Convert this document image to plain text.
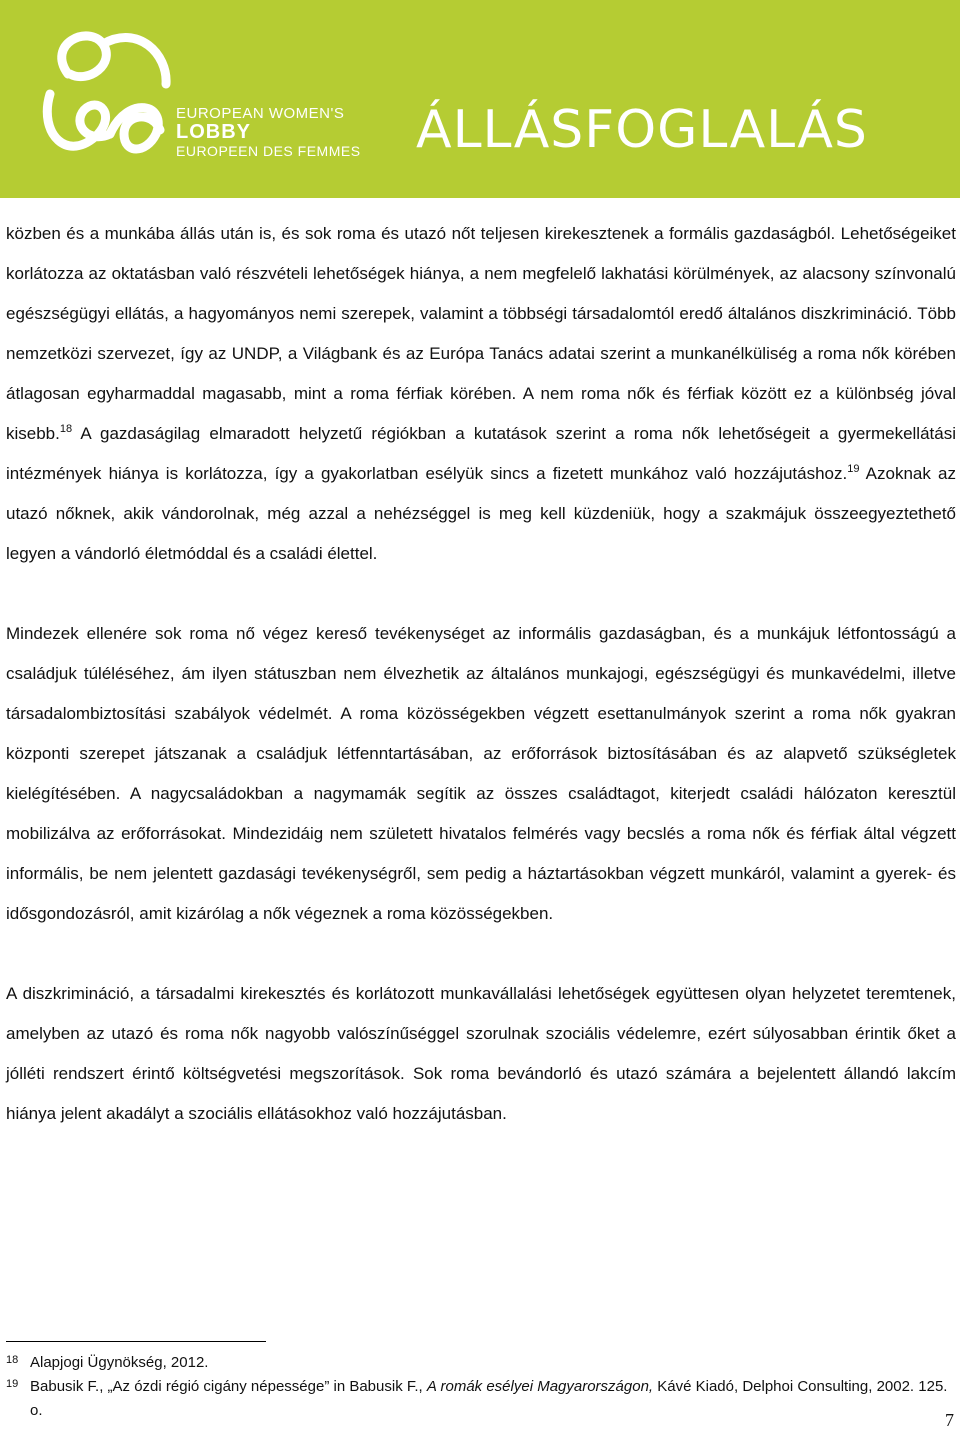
EUROPEAN WOMEN'S
LOBBY
EUROPEEN DES FEMMES ÁLLÁSFOGLALÁS

közben és a munkába állás után is, és sok roma és utazó nőt teljesen kirekesztenek a formális gazdaságból. Lehetőségeiket korlátozza az oktatásban való részvételi lehetőségek hiánya, a nem megfelelő lakhatási körülmények, az alacsony színvonalú egészségügyi ellátás, a hagyományos nemi szerepek, valamint a többségi társadalomtól eredő általános diszkrimináció. Több nemzetközi szervezet, így az UNDP, a Világbank és az Európa Tanács adatai szerint a munkanélküliség a roma nők körében átlagosan egyharmaddal magasabb, mint a roma férfiak körében. A nem roma nők és férfiak között ez a különbség jóval kisebb.$^{18}$ A gazdaságilag elmaradott helyzetű régiókban a kutatások szerint a roma nők lehetőségeit a gyermekellátási intézmények hiánya is korlátozza, így a gyakorlatban esélyük sincs a fizetett munkához való hozzájutáshoz.$^{19}$ Azoknak az utazó nőknek, akik vándorolnak, még azzal a nehézséggel is meg kell küzdeniük, hogy a szakmájuk összeegyeztethető legyen a vándorló életmóddal és a családi élettel.

Mindezek ellenére sok roma nő végez kereső tevékenységet az informális gazdaságban, és a munkájuk létfontosságú a családjuk túléléséhez, ám ilyen státuszban nem élvezhetik az általános munkajogi, egészségügyi és munkavédelmi, illetve társadalombiztosítási szabályok védelmét. A roma közösségekben végzett esettanulmányok szerint a roma nők gyakran központi szerepet játszanak a családjuk létfenntartásában, az erőforrások biztosításában és az alapvető szükségletek kielégítésében. A nagycsaládokban a nagymamák segítik az összes családtagot, kiterjedt családi hálózaton keresztül mobilizálva az erőforrásokat. Mindezidáig nem született hivatalos felmérés vagy becslés a roma nők és férfiak által végzett informális, be nem jelentett gazdasági tevékenységről, sem pedig a háztartásokban végzett munkáról, valamint a gyerek- és idősgondozásról, amit kizárólag a nők végeznek a roma közösségekben.

A diszkrimináció, a társadalmi kirekesztés és korlátozott munkavállalási lehetőségek együttesen olyan helyzetet teremtenek, amelyben az utazó és roma nők nagyobb valószínűséggel szorulnak szociális védelemre, ezért súlyosabban érintik őket a jólléti rendszert érintő költségvetési megszorítások. Sok roma bevándorló és utazó számára a bejelentett állandó lakcím hiánya jelent akadályt a szociális ellátásokhoz való hozzájutásban.

18 Alapjogi Ügynökség, 2012.
19 Babusik F., „Az ózdi régió cigány népessége” in Babusik F., A romák esélyei Magyarországon, Kávé Kiadó, Delphoi Consulting, 2002. 125. o.	7
